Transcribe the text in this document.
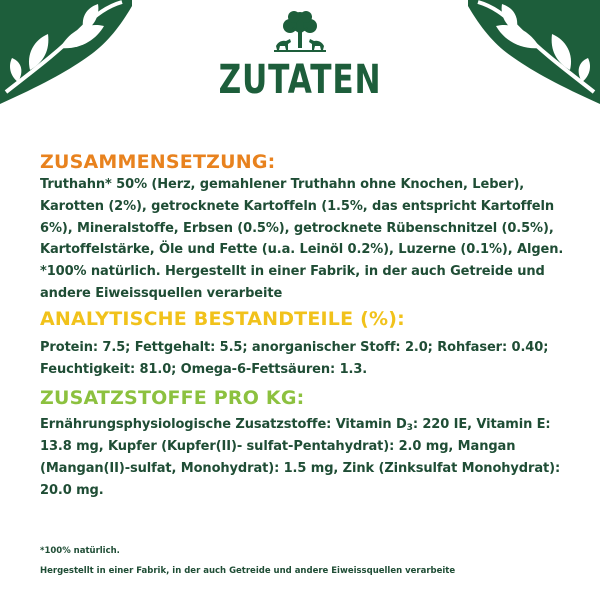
ZUTATEN
ZUSAMMENSETZUNG:

Truthahn* 50% (Herz, gemahlener Truthahn ohne Knochen, Leber), Karotten (2%), getrocknete Kartoffeln (1.5%, das entspricht Kartoffeln 6%), Mineralstoffe, Erbsen (0.5%), getrocknete Rübenschnitzel (0.5%), Kartoffelstärke, Öle und Fette (u.a. Leinöl 0.2%), Luzerne (0.1%), Algen. *100% natürlich. Hergestellt in einer Fabrik, in der auch Getreide und andere Eiweissquellen verarbeite

ANALYTISCHE BESTANDTEILE (%):

Protein: 7.5; Fettgehalt: 5.5; anorganischer Stoff: 2.0; Rohfaser: 0.40; Feuchtigkeit: 81.0; Omega-6-Fettsäuren: 1.3.

ZUSATZSTOFFE PRO KG:

Ernährungsphysiologische Zusatzstoffe: Vitamin $D_3$: 220 IE, Vitamin E: 13.8 mg, Kupfer (Kupfer(II)- sulfat-Pentahydrat): 2.0 mg, Mangan (Mangan(II)-sulfat, Monohydrat): 1.5 mg, Zink (Zinksulfat Monohydrat): 20.0 mg.

*100% natürlich.
Hergestellt in einer Fabrik, in der auch Getreide und andere Eiweissquellen verarbeite
